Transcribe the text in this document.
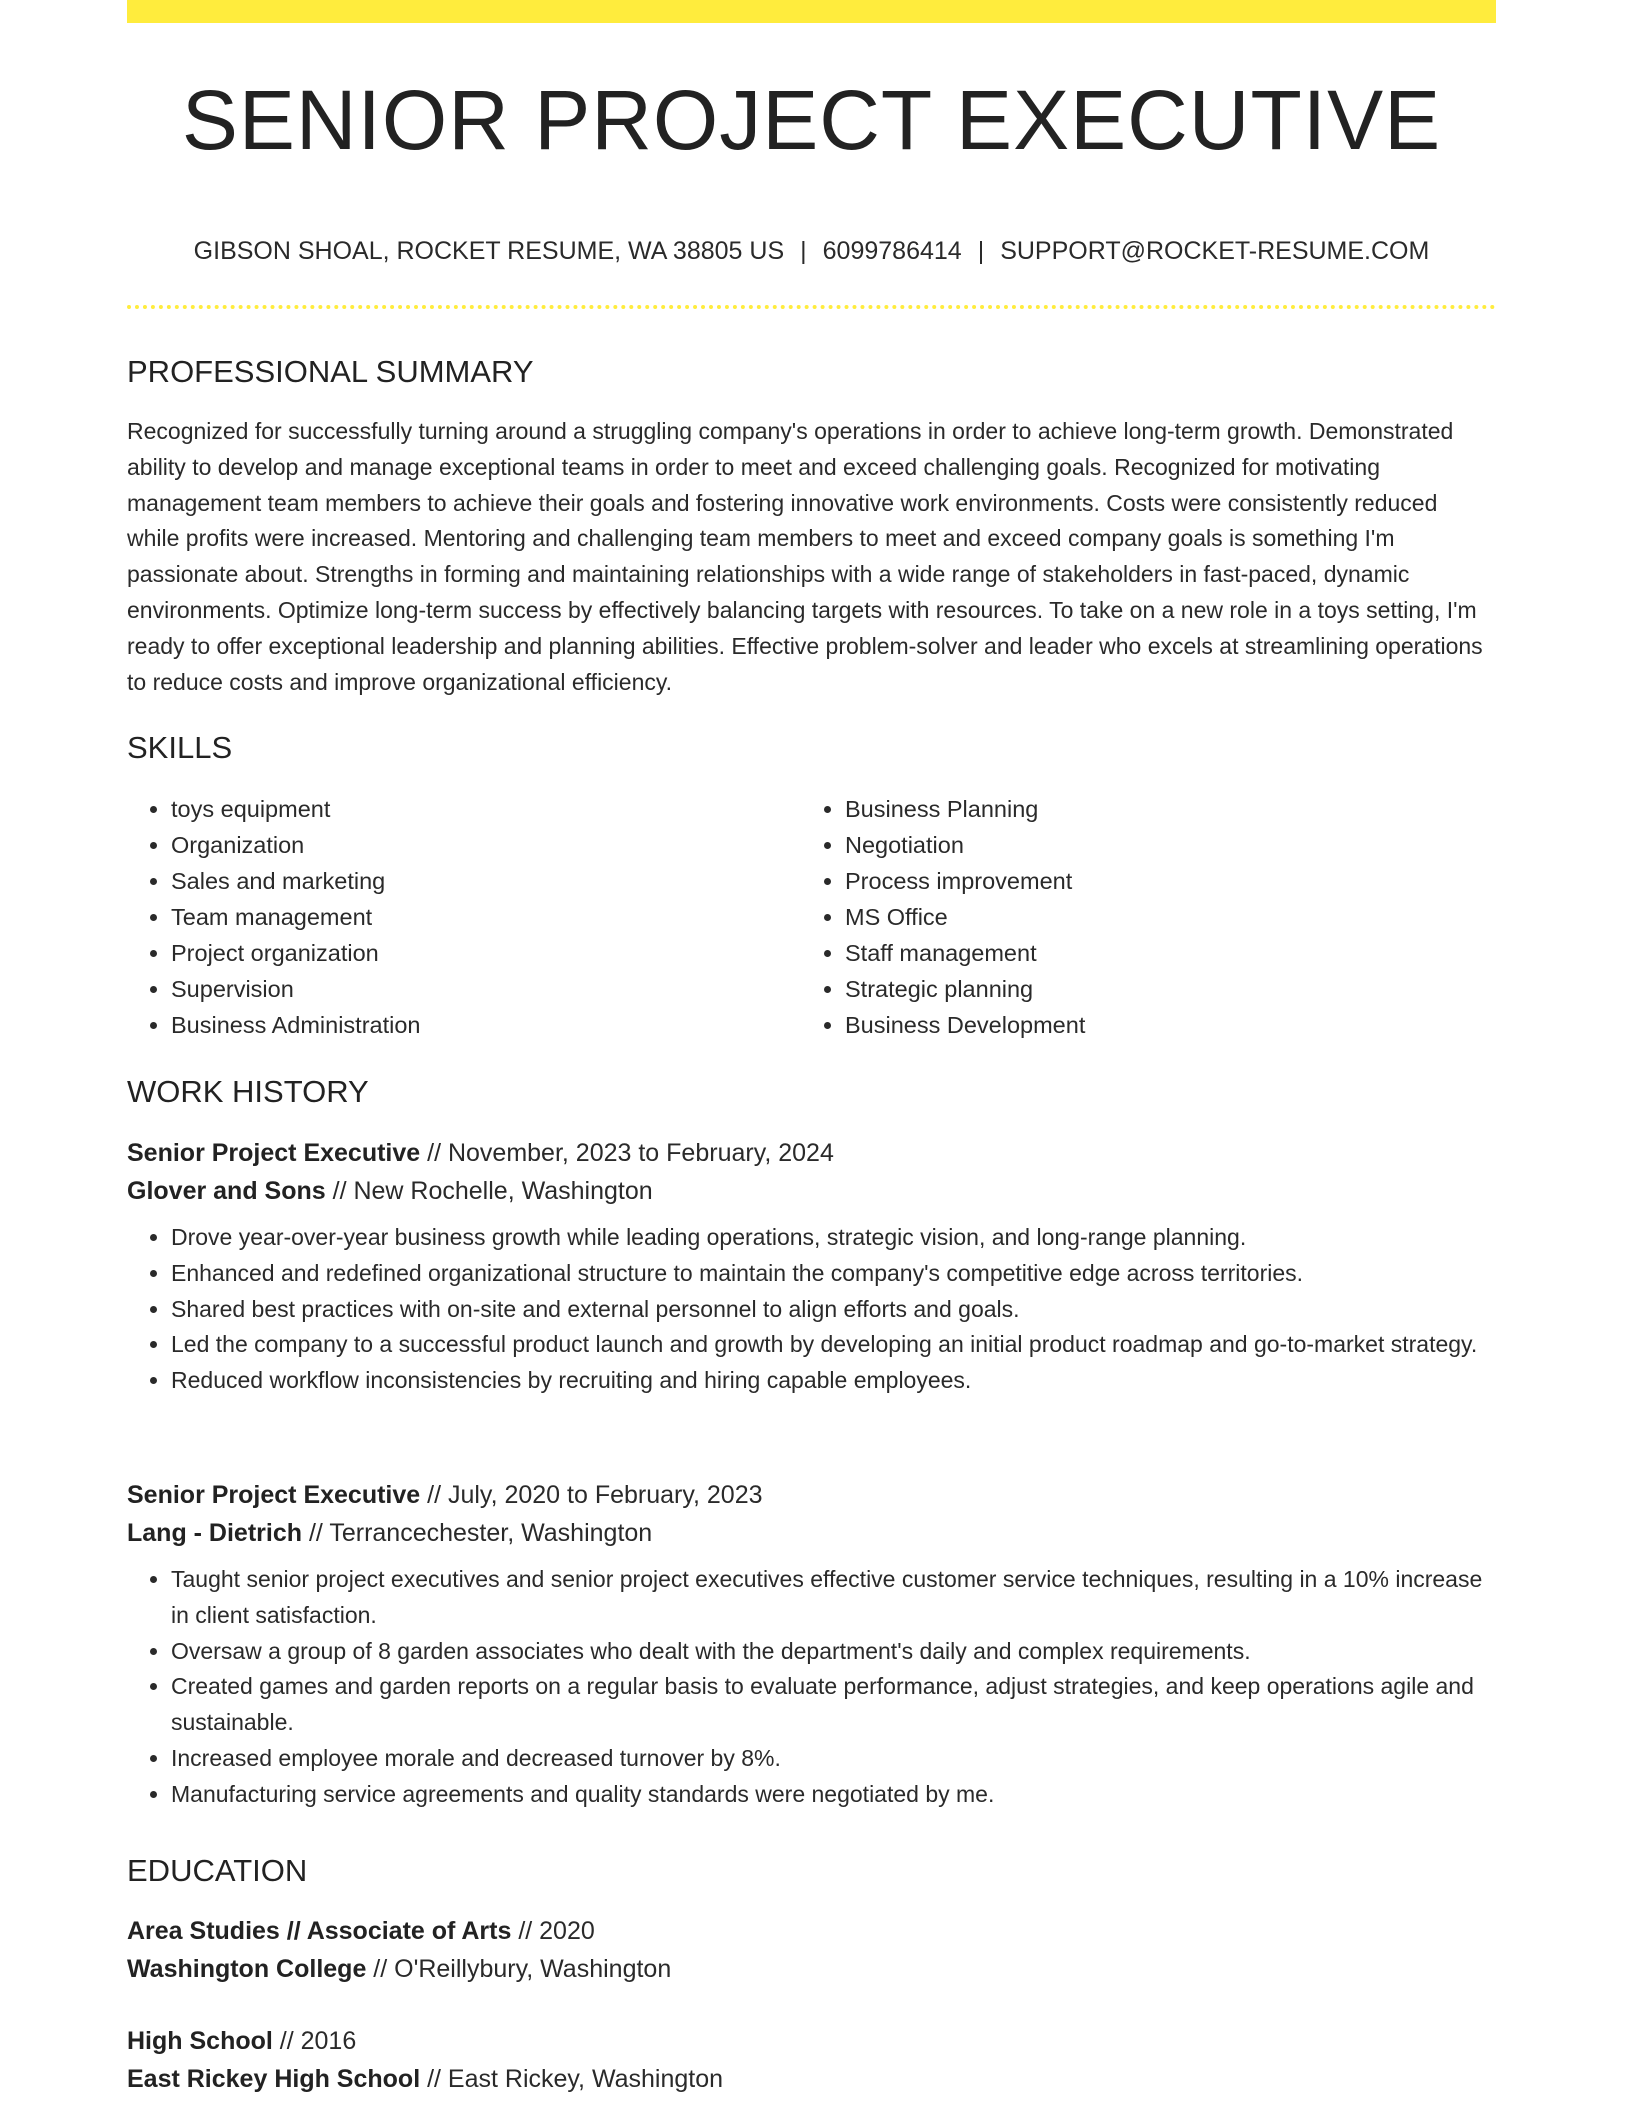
SENIOR PROJECT EXECUTIVE
GIBSON SHOAL, ROCKET RESUME, WA 38805 US | 6099786414 | SUPPORT@ROCKET-RESUME.COM
PROFESSIONAL SUMMARY
Recognized for successfully turning around a struggling company's operations in order to achieve long-term growth. Demonstrated ability to develop and manage exceptional teams in order to meet and exceed challenging goals. Recognized for motivating management team members to achieve their goals and fostering innovative work environments. Costs were consistently reduced while profits were increased. Mentoring and challenging team members to meet and exceed company goals is something I'm passionate about. Strengths in forming and maintaining relationships with a wide range of stakeholders in fast-paced, dynamic environments. Optimize long-term success by effectively balancing targets with resources. To take on a new role in a toys setting, I'm ready to offer exceptional leadership and planning abilities. Effective problem-solver and leader who excels at streamlining operations to reduce costs and improve organizational efficiency.
SKILLS
• toys equipment
• Organization
• Sales and marketing
• Team management
• Project organization
• Supervision
• Business Administration
• Business Planning
• Negotiation
• Process improvement
• MS Office
• Staff management
• Strategic planning
• Business Development
WORK HISTORY
Senior Project Executive // November, 2023 to February, 2024
Glover and Sons // New Rochelle, Washington
• Drove year-over-year business growth while leading operations, strategic vision, and long-range planning.
• Enhanced and redefined organizational structure to maintain the company's competitive edge across territories.
• Shared best practices with on-site and external personnel to align efforts and goals.
• Led the company to a successful product launch and growth by developing an initial product roadmap and go-to-market strategy.
• Reduced workflow inconsistencies by recruiting and hiring capable employees.
Senior Project Executive // July, 2020 to February, 2023
Lang - Dietrich // Terrancechester, Washington
• Taught senior project executives and senior project executives effective customer service techniques, resulting in a 10% increase in client satisfaction.
• Oversaw a group of 8 garden associates who dealt with the department's daily and complex requirements.
• Created games and garden reports on a regular basis to evaluate performance, adjust strategies, and keep operations agile and sustainable.
• Increased employee morale and decreased turnover by 8%.
• Manufacturing service agreements and quality standards were negotiated by me.
EDUCATION
Area Studies // Associate of Arts // 2020
Washington College // O'Reillybury, Washington
High School // 2016
East Rickey High School // East Rickey, Washington
